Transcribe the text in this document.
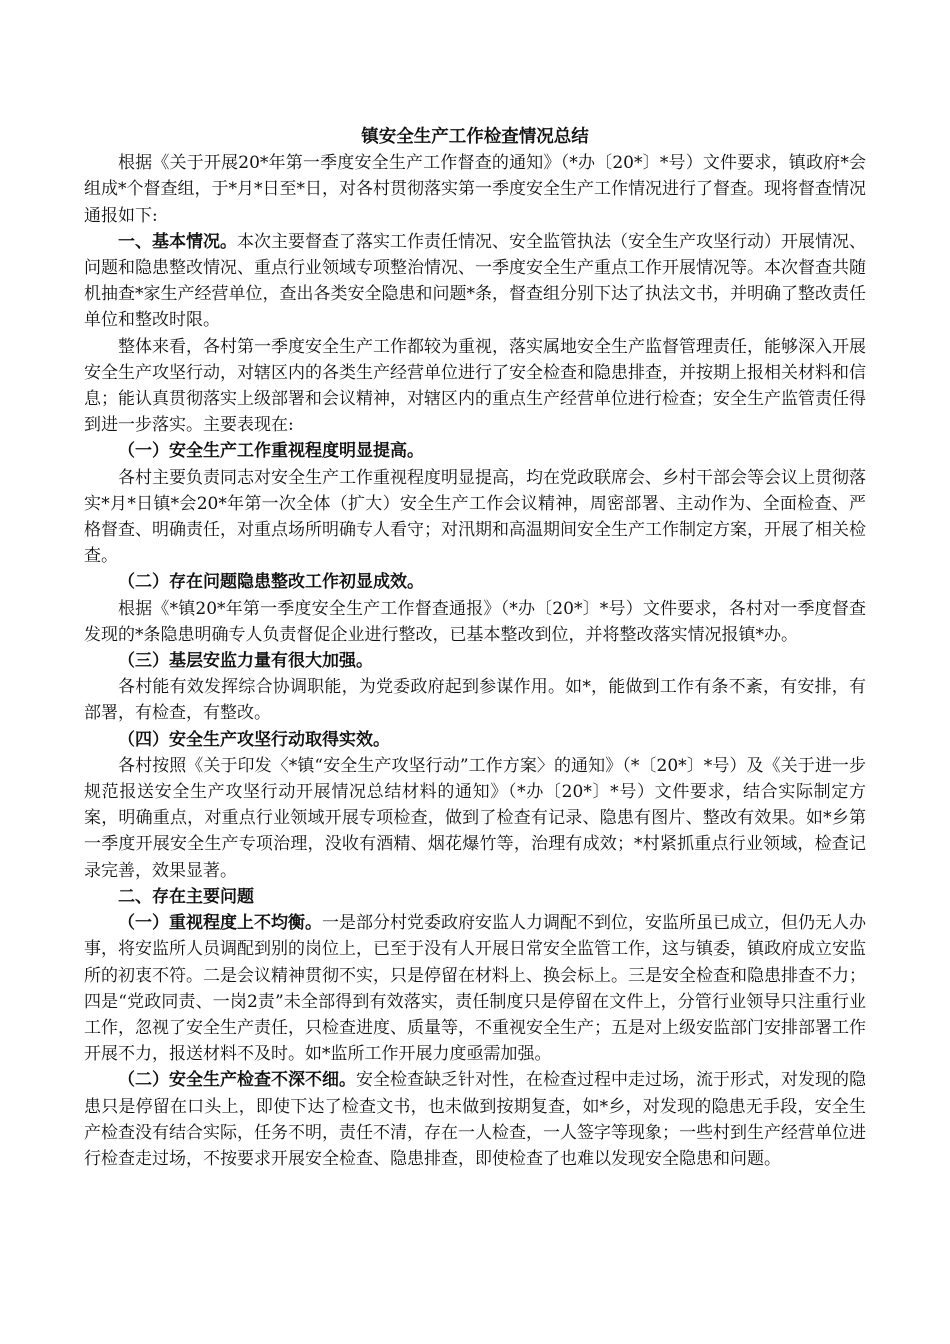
镇安全生产工作检查情况总结

根据《关于开展20*年第一季度安全生产工作督查的通知》（*办〔20*〕*号）文件要求，镇政府*会组成*个督查组，于*月*日至*日，对各村贯彻落实第一季度安全生产工作情况进行了督查。现将督查情况通报如下:

一、基本情况。本次主要督查了落实工作责任情况、安全监管执法（安全生产攻坚行动）开展情况、问题和隐患整改情况、重点行业领域专项整治情况、一季度安全生产重点工作开展情况等。本次督查共随机抽查*家生产经营单位，查出各类安全隐患和问题*条，督查组分别下达了执法文书，并明确了整改责任单位和整改时限。

整体来看，各村第一季度安全生产工作都较为重视，落实属地安全生产监督管理责任，能够深入开展安全生产攻坚行动，对辖区内的各类生产经营单位进行了安全检查和隐患排查，并按期上报相关材料和信息；能认真贯彻落实上级部署和会议精神，对辖区内的重点生产经营单位进行检查；安全生产监管责任得到进一步落实。主要表现在:

（一）安全生产工作重视程度明显提高。

各村主要负责同志对安全生产工作重视程度明显提高，均在党政联席会、乡村干部会等会议上贯彻落实*月*日镇*会20*年第一次全体（扩大）安全生产工作会议精神，周密部署、主动作为、全面检查、严格督查、明确责任，对重点场所明确专人看守；对汛期和高温期间安全生产工作制定方案，开展了相关检查。

（二）存在问题隐患整改工作初显成效。

根据《*镇20*年第一季度安全生产工作督查通报》（*办〔20*〕*号）文件要求，各村对一季度督查发现的*条隐患明确专人负责督促企业进行整改，已基本整改到位，并将整改落实情况报镇*办。

（三）基层安监力量有很大加强。

各村能有效发挥综合协调职能，为党委政府起到参谋作用。如*，能做到工作有条不紊，有安排，有部署，有检查，有整改。

（四）安全生产攻坚行动取得实效。

各村按照《关于印发〈*镇“安全生产攻坚行动”工作方案〉的通知》（*〔20*〕*号）及《关于进一步规范报送安全生产攻坚行动开展情况总结材料的通知》（*办〔20*〕*号）文件要求，结合实际制定方案，明确重点，对重点行业领域开展专项检查，做到了检查有记录、隐患有图片、整改有效果。如*乡第一季度开展安全生产专项治理，没收有酒精、烟花爆竹等，治理有成效；*村紧抓重点行业领域，检查记录完善，效果显著。

二、存在主要问题

（一）重视程度上不均衡。一是部分村党委政府安监人力调配不到位，安监所虽已成立，但仍无人办事，将安监所人员调配到别的岗位上，已至于没有人开展日常安全监管工作，这与镇委，镇政府成立安监所的初衷不符。二是会议精神贯彻不实，只是停留在材料上、换会标上。三是安全检查和隐患排查不力；四是“党政同责、一岗2责”未全部得到有效落实，责任制度只是停留在文件上，分管行业领导只注重行业工作，忽视了安全生产责任，只检查进度、质量等，不重视安全生产；五是对上级安监部门安排部署工作开展不力，报送材料不及时。如*监所工作开展力度亟需加强。

（二）安全生产检查不深不细。安全检查缺乏针对性，在检查过程中走过场，流于形式，对发现的隐患只是停留在口头上，即使下达了检查文书，也未做到按期复查，如*乡，对发现的隐患无手段，安全生产检查没有结合实际，任务不明，责任不清，存在一人检查，一人签字等现象；一些村到生产经营单位进行检查走过场，不按要求开展安全检查、隐患排查，即使检查了也难以发现安全隐患和问题。
